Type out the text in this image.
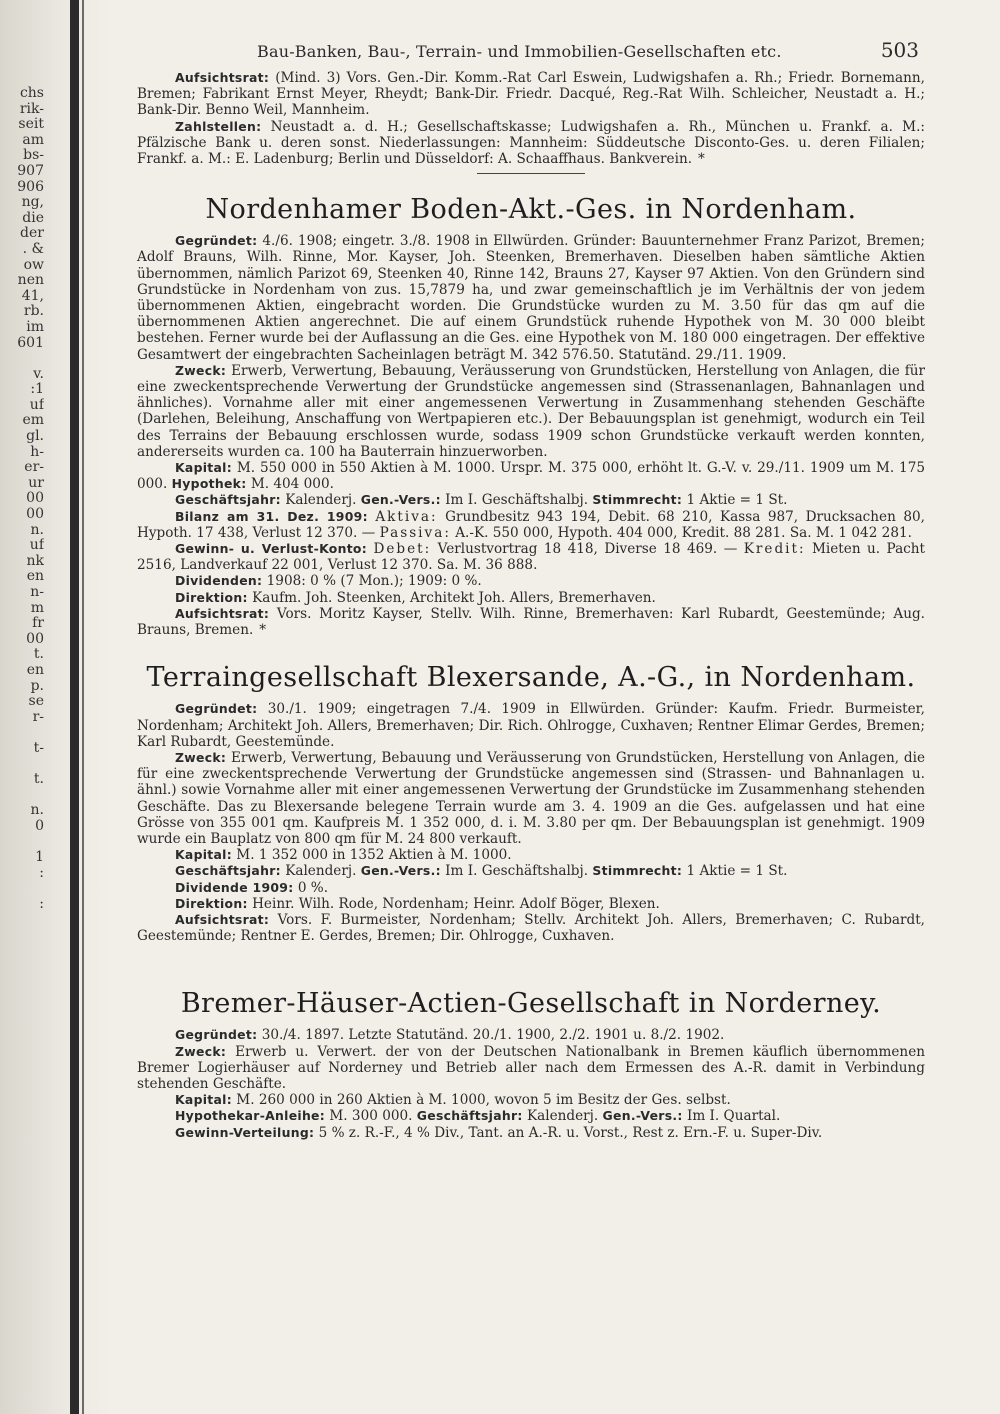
chs
rik-
seit
am
bs-
907
906
ng,
die
der
. &
ow
nen
41,
rb.
im
601

v.
:1
uf
em
gl.
h-
er-
ur
00
00
n.
uf
nk
en
n-
m
fr
00
t.
en
p.
se
r-

t-

t.

n.
0

1
:

:
Bau-Banken, Bau-, Terrain- und Immobilien-Gesellschaften etc.	503

Aufsichtsrat: (Mind. 3) Vors. Gen.-Dir. Komm.-Rat Carl Eswein, Ludwigshafen a. Rh.; Friedr. Bornemann, Bremen; Fabrikant Ernst Meyer, Rheydt; Bank-Dir. Friedr. Dacqué, Reg.-Rat Wilh. Schleicher, Neustadt a. H.; Bank-Dir. Benno Weil, Mannheim.

Zahlstellen: Neustadt a. d. H.; Gesellschaftskasse; Ludwigshafen a. Rh., München u. Frankf. a. M.: Pfälzische Bank u. deren sonst. Niederlassungen: Mannheim: Süddeutsche Disconto-Ges. u. deren Filialen; Frankf. a. M.: E. Ladenburg; Berlin und Düsseldorf: A. Schaaffhaus. Bankverein. *

Nordenhamer Boden-Akt.-Ges. in Nordenham.

Gegründet: 4./6. 1908; eingetr. 3./8. 1908 in Ellwürden. Gründer: Bauunternehmer Franz Parizot, Bremen; Adolf Brauns, Wilh. Rinne, Mor. Kayser, Joh. Steenken, Bremerhaven. Dieselben haben sämtliche Aktien übernommen, nämlich Parizot 69, Steenken 40, Rinne 142, Brauns 27, Kayser 97 Aktien. Von den Gründern sind Grundstücke in Nordenham von zus. 15,7879 ha, und zwar gemeinschaftlich je im Verhältnis der von jedem übernommenen Aktien, eingebracht worden. Die Grundstücke wurden zu M. 3.50 für das qm auf die übernommenen Aktien angerechnet. Die auf einem Grundstück ruhende Hypothek von M. 30 000 bleibt bestehen. Ferner wurde bei der Auflassung an die Ges. eine Hypothek von M. 180 000 eingetragen. Der effektive Gesamtwert der eingebrachten Sacheinlagen beträgt M. 342 576.50. Statutänd. 29./11. 1909.

Zweck: Erwerb, Verwertung, Bebauung, Veräusserung von Grundstücken, Herstellung von Anlagen, die für eine zweckentsprechende Verwertung der Grundstücke angemessen sind (Strassenanlagen, Bahnanlagen und ähnliches). Vornahme aller mit einer angemessenen Verwertung in Zusammenhang stehenden Geschäfte (Darlehen, Beleihung, Anschaffung von Wertpapieren etc.). Der Bebauungsplan ist genehmigt, wodurch ein Teil des Terrains der Bebauung erschlossen wurde, sodass 1909 schon Grundstücke verkauft werden konnten, andererseits wurden ca. 100 ha Bauterrain hinzuerworben.

Kapital: M. 550 000 in 550 Aktien à M. 1000. Urspr. M. 375 000, erhöht lt. G.-V. v. 29./11. 1909 um M. 175 000. Hypothek: M. 404 000.

Geschäftsjahr: Kalenderj. Gen.-Vers.: Im I. Geschäftshalbj. Stimmrecht: 1 Aktie = 1 St.

Bilanz am 31. Dez. 1909: Aktiva: Grundbesitz 943 194, Debit. 68 210, Kassa 987, Drucksachen 80, Hypoth. 17 438, Verlust 12 370. — Passiva: A.-K. 550 000, Hypoth. 404 000, Kredit. 88 281. Sa. M. 1 042 281.

Gewinn- u. Verlust-Konto: Debet: Verlustvortrag 18 418, Diverse 18 469. — Kredit: Mieten u. Pacht 2516, Landverkauf 22 001, Verlust 12 370. Sa. M. 36 888.

Dividenden: 1908: 0 % (7 Mon.); 1909: 0 %.

Direktion: Kaufm. Joh. Steenken, Architekt Joh. Allers, Bremerhaven.

Aufsichtsrat: Vors. Moritz Kayser, Stellv. Wilh. Rinne, Bremerhaven: Karl Rubardt, Geestemünde; Aug. Brauns, Bremen. *

Terraingesellschaft Blexersande, A.-G., in Nordenham.

Gegründet: 30./1. 1909; eingetragen 7./4. 1909 in Ellwürden. Gründer: Kaufm. Friedr. Burmeister, Nordenham; Architekt Joh. Allers, Bremerhaven; Dir. Rich. Ohlrogge, Cuxhaven; Rentner Elimar Gerdes, Bremen; Karl Rubardt, Geestemünde.

Zweck: Erwerb, Verwertung, Bebauung und Veräusserung von Grundstücken, Herstellung von Anlagen, die für eine zweckentsprechende Verwertung der Grundstücke angemessen sind (Strassen- und Bahnanlagen u. ähnl.) sowie Vornahme aller mit einer angemessenen Verwertung der Grundstücke im Zusammenhang stehenden Geschäfte. Das zu Blexersande belegene Terrain wurde am 3. 4. 1909 an die Ges. aufgelassen und hat eine Grösse von 355 001 qm. Kaufpreis M. 1 352 000, d. i. M. 3.80 per qm. Der Bebauungsplan ist genehmigt. 1909 wurde ein Bauplatz von 800 qm für M. 24 800 verkauft.

Kapital: M. 1 352 000 in 1352 Aktien à M. 1000.

Geschäftsjahr: Kalenderj. Gen.-Vers.: Im I. Geschäftshalbj. Stimmrecht: 1 Aktie = 1 St.

Dividende 1909: 0 %.

Direktion: Heinr. Wilh. Rode, Nordenham; Heinr. Adolf Böger, Blexen.

Aufsichtsrat: Vors. F. Burmeister, Nordenham; Stellv. Architekt Joh. Allers, Bremerhaven; C. Rubardt, Geestemünde; Rentner E. Gerdes, Bremen; Dir. Ohlrogge, Cuxhaven.

Bremer-Häuser-Actien-Gesellschaft in Norderney.

Gegründet: 30./4. 1897. Letzte Statutänd. 20./1. 1900, 2./2. 1901 u. 8./2. 1902.

Zweck: Erwerb u. Verwert. der von der Deutschen Nationalbank in Bremen käuflich übernommenen Bremer Logierhäuser auf Norderney und Betrieb aller nach dem Ermessen des A.-R. damit in Verbindung stehenden Geschäfte.

Kapital: M. 260 000 in 260 Aktien à M. 1000, wovon 5 im Besitz der Ges. selbst.

Hypothekar-Anleihe: M. 300 000. Geschäftsjahr: Kalenderj. Gen.-Vers.: Im I. Quartal.

Gewinn-Verteilung: 5 % z. R.-F., 4 % Div., Tant. an A.-R. u. Vorst., Rest z. Ern.-F. u. Super-Div.
